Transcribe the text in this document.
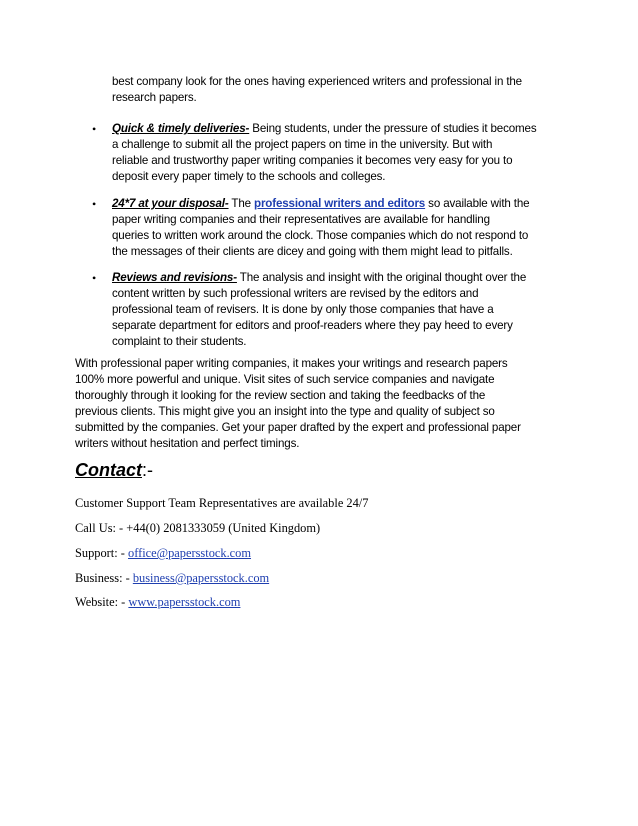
best company look for the ones having experienced writers and professional in the
research papers.
• Quick & timely deliveries- Being students, under the pressure of studies it becomes
a challenge to submit all the project papers on time in the university. But with
reliable and trustworthy paper writing companies it becomes very easy for you to
deposit every paper timely to the schools and colleges.
• 24*7 at your disposal- The professional writers and editors so available with the
paper writing companies and their representatives are available for handling
queries to written work around the clock. Those companies which do not respond to
the messages of their clients are dicey and going with them might lead to pitfalls.
• Reviews and revisions- The analysis and insight with the original thought over the
content written by such professional writers are revised by the editors and
professional team of revisers. It is done by only those companies that have a
separate department for editors and proof-readers where they pay heed to every
complaint to their students.
With professional paper writing companies, it makes your writings and research papers
100% more powerful and unique. Visit sites of such service companies and navigate
thoroughly through it looking for the review section and taking the feedbacks of the
previous clients. This might give you an insight into the type and quality of subject so
submitted by the companies. Get your paper drafted by the expert and professional paper
writers without hesitation and perfect timings.
Contact:-
Customer Support Team Representatives are available 24/7
Call Us: - +44(0) 2081333059 (United Kingdom)
Support: - office@papersstock.com
Business: - business@papersstock.com
Website: - www.papersstock.com
